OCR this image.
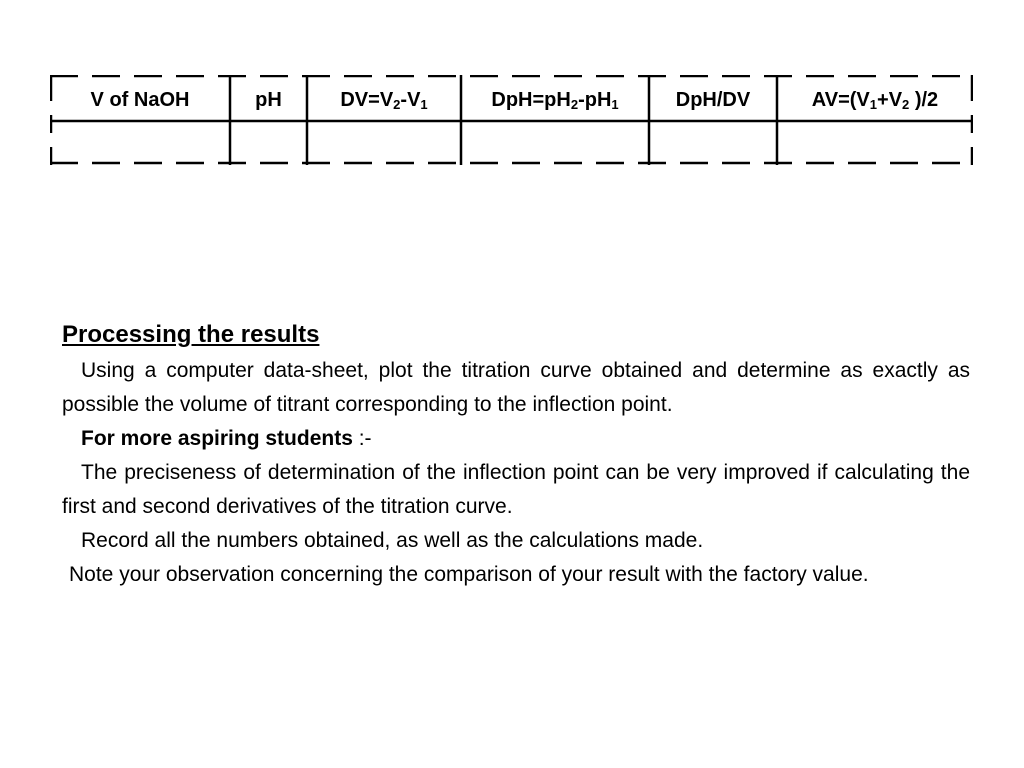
V of NaOH	pH	$DV=V_2-V_1$	$DpH=pH_2-pH_1$	DpH/DV	$AV=(V_1+V_2$ )/2
Processing the results

Using a computer data-sheet, plot the titration curve obtained and determine as exactly as possible the volume of titrant corresponding to the inflection point.

For more aspiring students :-

The preciseness of determination of the inflection point can be very improved if calculating the first and second derivatives of the titration curve.

Record all the numbers obtained, as well as the calculations made.

Note your observation concerning the comparison of your result with the factory value.
